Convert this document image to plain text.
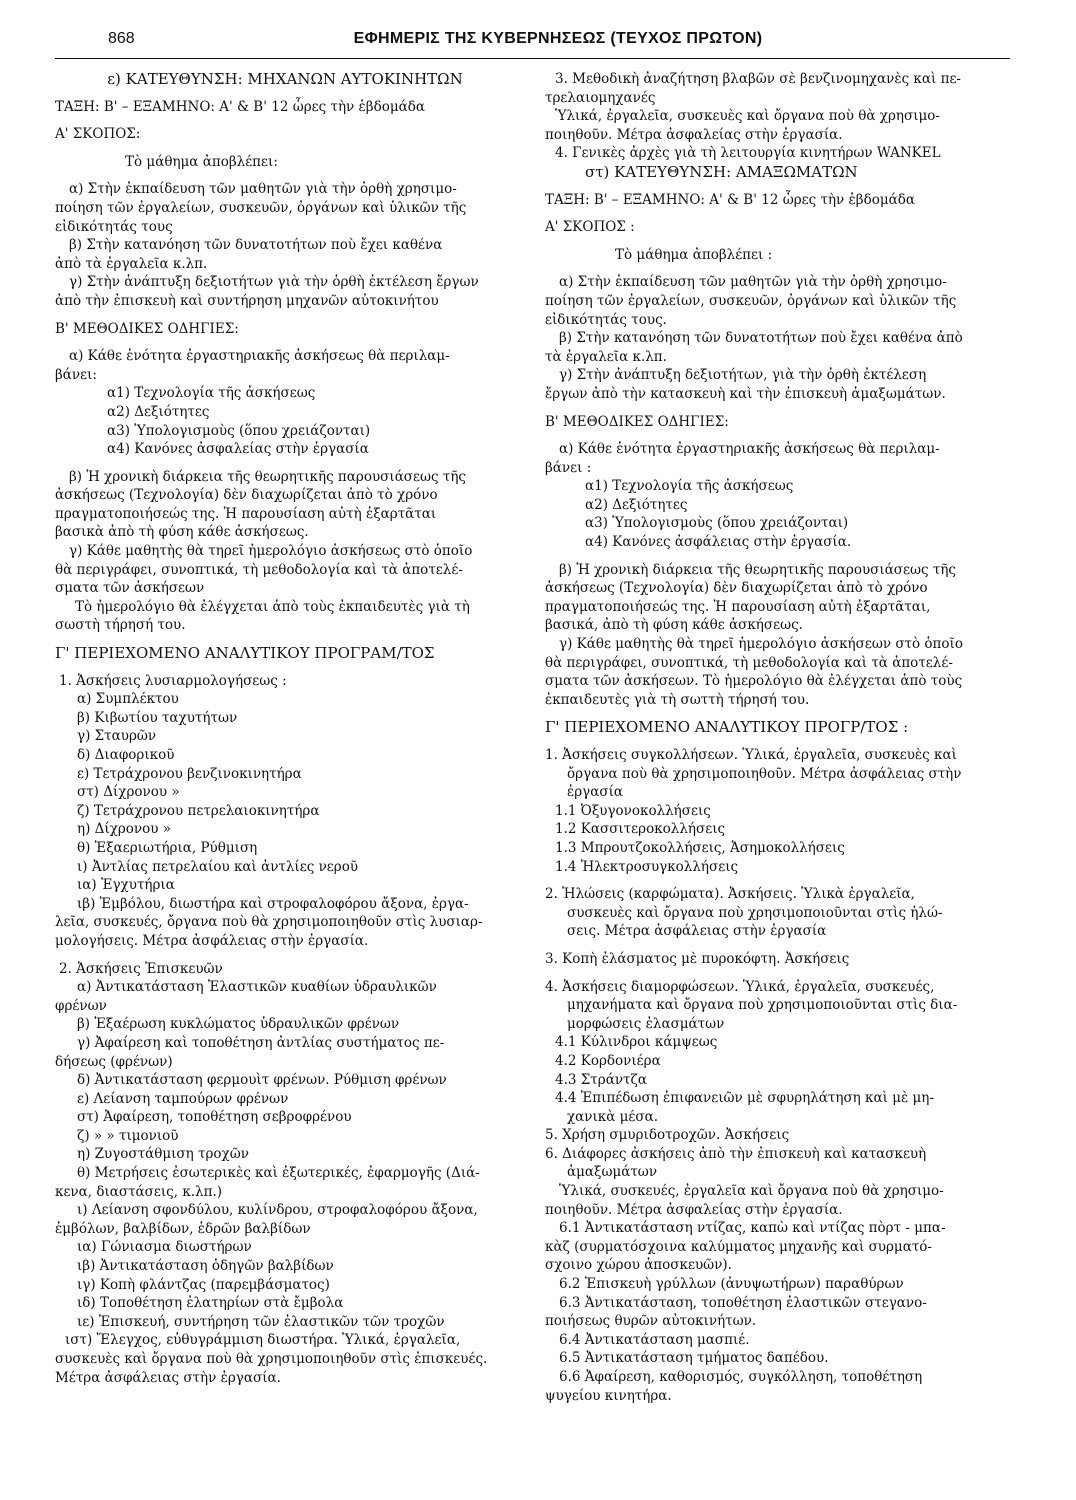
868	ΕΦΗΜΕΡΙΣ ΤΗΣ ΚΥΒΕΡΝΗΣΕΩΣ (ΤΕΥΧΟΣ ΠΡΩΤΟΝ)
ε) ΚΑΤΕΥΘΥΝΣΗ: ΜΗΧΑΝΩΝ ΑΥΤΟΚΙΝΗΤΩΝ
ΤΑΞΗ: Β' – ΕΞΑΜΗΝΟ: Α' & Β' 12 ὧρες τὴν ἑβδομάδα
Α' ΣΚΟΠΟΣ:
Τὸ μάθημα ἀποβλέπει:
α) Στὴν ἐκπαίδευση τῶν μαθητῶν γιὰ τὴν ὀρθὴ χρησιμο-
ποίηση τῶν ἐργαλείων, συσκευῶν, ὀργάνων καὶ ὑλικῶν τῆς
εἰδικότητάς τους
β) Στὴν κατανόηση τῶν δυνατοτήτων ποὺ ἔχει καθένα
ἀπὸ τὰ ἐργαλεῖα κ.λπ.
γ) Στὴν ἀνάπτυξη δεξιοτήτων γιὰ τὴν ὀρθὴ ἐκτέλεση ἔργων
ἀπὸ τὴν ἐπισκευὴ καὶ συντήρηση μηχανῶν αὐτοκινήτου
Β' ΜΕΘΟΔΙΚΕΣ ΟΔΗΓΙΕΣ:
α) Κάθε ἑνότητα ἐργαστηριακῆς ἀσκήσεως θὰ περιλαμ-
βάνει:
α1) Τεχνολογία τῆς ἀσκήσεως
α2) Δεξιότητες
α3) Ὑπολογισμοὺς (ὅπου χρειάζονται)
α4) Κανόνες ἀσφαλείας στὴν ἐργασία
β) Ἡ χρονικὴ διάρκεια τῆς θεωρητικῆς παρουσιάσεως τῆς
ἀσκήσεως (Τεχνολογία) δὲν διαχωρίζεται ἀπὸ τὸ χρόνο
πραγματοποιήσεώς της. Ἡ παρουσίαση αὐτὴ ἐξαρτᾶται
βασικὰ ἀπὸ τὴ φύση κάθε ἀσκήσεως.
γ) Κάθε μαθητὴς θὰ τηρεῖ ἡμερολόγιο ἀσκήσεως στὸ ὁποῖο
θὰ περιγράφει, συνοπτικά, τὴ μεθοδολογία καὶ τὰ ἀποτελέ-
σματα τῶν ἀσκήσεων
Τὸ ἡμερολόγιο θὰ ἐλέγχεται ἀπὸ τοὺς ἐκπαιδευτὲς γιὰ τὴ
σωστὴ τήρησή του.
Γ' ΠΕΡΙΕΧΟΜΕΝΟ ΑΝΑΛΥΤΙΚΟΥ ΠΡΟΓΡΑΜ/ΤΟΣ
1. Ἀσκήσεις λυσιαρμολογήσεως :
α) Συμπλέκτου
β) Κιβωτίου ταχυτήτων
γ) Σταυρῶν
δ) Διαφορικοῦ
ε) Τετράχρονου βενζινοκινητήρα
στ) Δίχρονου »
ζ) Τετράχρονου πετρελαιοκινητήρα
η) Δίχρονου »
θ) Ἐξαεριωτήρια, Ρύθμιση
ι) Ἀντλίας πετρελαίου καὶ ἀντλίες νεροῦ
ια) Ἐγχυτήρια
ιβ) Ἐμβόλου, διωστήρα καὶ στροφαλοφόρου ἄξονα, ἐργα-
λεῖα, συσκευές, ὄργανα ποὺ θὰ χρησιμοποιηθοῦν στὶς λυσιαρ-
μολογήσεις. Μέτρα ἀσφάλειας στὴν ἐργασία.
2. Ἀσκήσεις Ἐπισκευῶν
α) Ἀντικατάσταση Ἐλαστικῶν κυαθίων ὑδραυλικῶν
φρένων
β) Ἐξαέρωση κυκλώματος ὑδραυλικῶν φρένων
γ) Ἀφαίρεση καὶ τοποθέτηση ἀντλίας συστήματος πε-
δήσεως (φρένων)
δ) Ἀντικατάσταση φερμουὶτ φρένων. Ρύθμιση φρένων
ε) Λείανση ταμπούρων φρένων
στ) Ἀφαίρεση, τοποθέτηση σεβροφρένου
ζ) » » τιμονιοῦ
η) Ζυγοστάθμιση τροχῶν
θ) Μετρήσεις ἐσωτερικὲς καὶ ἐξωτερικές, ἐφαρμογῆς (Διά-
κενα, διαστάσεις, κ.λπ.)
ι) Λείανση σφονδύλου, κυλίνδρου, στροφαλοφόρου ἄξονα,
ἐμβόλων, βαλβίδων, ἑδρῶν βαλβίδων
ια) Γώνιασμα διωστήρων
ιβ) Ἀντικατάσταση ὁδηγῶν βαλβίδων
ιγ) Κοπὴ φλάντζας (παρεμβάσματος)
ιδ) Τοποθέτηση ἐλατηρίων στὰ ἔμβολα
ιε) Ἐπισκευή, συντήρηση τῶν ἐλαστικῶν τῶν τροχῶν
ιστ) Ἔλεγχος, εὐθυγράμμιση διωστήρα. Ὑλικά, ἐργαλεῖα,
συσκευὲς καὶ ὄργανα ποὺ θὰ χρησιμοποιηθοῦν στὶς ἐπισκευές.
Μέτρα ἀσφάλειας στὴν ἐργασία.
3. Μεθοδικὴ ἀναζήτηση βλαβῶν σὲ βενζινομηχανὲς καὶ πε-
τρελαιομηχανές
Ὑλικά, ἐργαλεῖα, συσκευὲς καὶ ὄργανα ποὺ θὰ χρησιμο-
ποιηθοῦν. Μέτρα ἀσφαλείας στὴν ἐργασία.
4. Γενικὲς ἀρχὲς γιὰ τὴ λειτουργία κινητήρων WANKEL
στ) ΚΑΤΕΥΘΥΝΣΗ: ΑΜΑΞΩΜΑΤΩΝ
ΤΑΞΗ: Β' – ΕΞΑΜΗΝΟ: Α' & Β' 12 ὧρες τὴν ἑβδομάδα
Α' ΣΚΟΠΟΣ :
Τὸ μάθημα ἀποβλέπει :
α) Στὴν ἐκπαίδευση τῶν μαθητῶν γιὰ τὴν ὀρθὴ χρησιμο-
ποίηση τῶν ἐργαλείων, συσκευῶν, ὀργάνων καὶ ὑλικῶν τῆς
εἰδικότητάς τους.
β) Στὴν κατανόηση τῶν δυνατοτήτων ποὺ ἔχει καθένα ἀπὸ
τὰ ἐργαλεῖα κ.λπ.
γ) Στὴν ἀνάπτυξη δεξιοτήτων, γιὰ τὴν ὀρθὴ ἐκτέλεση
ἔργων ἀπὸ τὴν κατασκευὴ καὶ τὴν ἐπισκευὴ ἁμαξωμάτων.
Β' ΜΕΘΟΔΙΚΕΣ ΟΔΗΓΙΕΣ:
α) Κάθε ἑνότητα ἐργαστηριακῆς ἀσκήσεως θὰ περιλαμ-
βάνει :
α1) Τεχνολογία τῆς ἀσκήσεως
α2) Δεξιότητες
α3) Ὑπολογισμοὺς (ὅπου χρειάζονται)
α4) Κανόνες ἀσφάλειας στὴν ἐργασία.
β) Ἡ χρονικὴ διάρκεια τῆς θεωρητικῆς παρουσιάσεως τῆς
ἀσκήσεως (Τεχνολογία) δὲν διαχωρίζεται ἀπὸ τὸ χρόνο
πραγματοποιήσεώς της. Ἡ παρουσίαση αὐτὴ ἐξαρτᾶται,
βασικά, ἀπὸ τὴ φύση κάθε ἀσκήσεως.
γ) Κάθε μαθητὴς θὰ τηρεῖ ἡμερολόγιο ἀσκήσεων στὸ ὁποῖο
θὰ περιγράφει, συνοπτικά, τὴ μεθοδολογία καὶ τὰ ἀποτελέ-
σματα τῶν ἀσκήσεων. Τὸ ἡμερολόγιο θὰ ἐλέγχεται ἀπὸ τοὺς
ἐκπαιδευτὲς γιὰ τὴ σωττὴ τήρησή του.
Γ' ΠΕΡΙΕΧΟΜΕΝΟ ΑΝΑΛΥΤΙΚΟΥ ΠΡΟΓΡ/ΤΟΣ :
1. Ἀσκήσεις συγκολλήσεων. Ὑλικά, ἐργαλεῖα, συσκευὲς καὶ
ὄργανα ποὺ θὰ χρησιμοποιηθοῦν. Μέτρα ἀσφάλειας στὴν
ἐργασία
1.1 Ὀξυγονοκολλήσεις
1.2 Κασσιτεροκολλήσεις
1.3 Μπρουτζοκολλήσεις, Ἀσημοκολλήσεις
1.4 Ἠλεκτροσυγκολλήσεις
2. Ἡλώσεις (καρφώματα). Ἀσκήσεις. Ὑλικὰ ἐργαλεῖα,
συσκευὲς καὶ ὄργανα ποὺ χρησιμοποιοῦνται στὶς ἡλώ-
σεις. Μέτρα ἀσφάλειας στὴν ἐργασία
3. Κοπὴ ἐλάσματος μὲ πυροκόφτη. Ἀσκήσεις
4. Ἀσκήσεις διαμορφώσεων. Ὑλικά, ἐργαλεῖα, συσκευές,
μηχανήματα καὶ ὄργανα ποὺ χρησιμοποιοῦνται στὶς δια-
μορφώσεις ἐλασμάτων
4.1 Κύλινδροι κάμψεως
4.2 Κορδονιέρα
4.3 Στράντζα
4.4 Ἐπιπέδωση ἐπιφανειῶν μὲ σφυρηλάτηση καὶ μὲ μη-
χανικὰ μέσα.
5. Χρήση σμυριδοτροχῶν. Ἀσκήσεις
6. Διάφορες ἀσκήσεις ἀπὸ τὴν ἐπισκευὴ καὶ κατασκευὴ
ἁμαξωμάτων
Ὑλικά, συσκευές, ἐργαλεῖα καὶ ὄργανα ποὺ θὰ χρησιμο-
ποιηθοῦν. Μέτρα ἀσφαλείας στὴν ἐργασία.
6.1 Ἀντικατάσταση ντίζας, καπὼ καὶ ντίζας πὸρτ - μπα-
κὰζ (συρματόσχοινα καλύμματος μηχανῆς καὶ συρματό-
σχοινο χώρου ἀποσκευῶν).
6.2 Ἐπισκευὴ γρύλλων (ἀνυψωτήρων) παραθύρων
6.3 Ἀντικατάσταση, τοποθέτηση ἐλαστικῶν στεγανο-
ποιήσεως θυρῶν αὐτοκινήτων.
6.4 Ἀντικατάσταση μασπιέ.
6.5 Ἀντικατάσταση τμήματος δαπέδου.
6.6 Ἀφαίρεση, καθορισμός, συγκόλληση, τοποθέτηση
ψυγείου κινητήρα.
